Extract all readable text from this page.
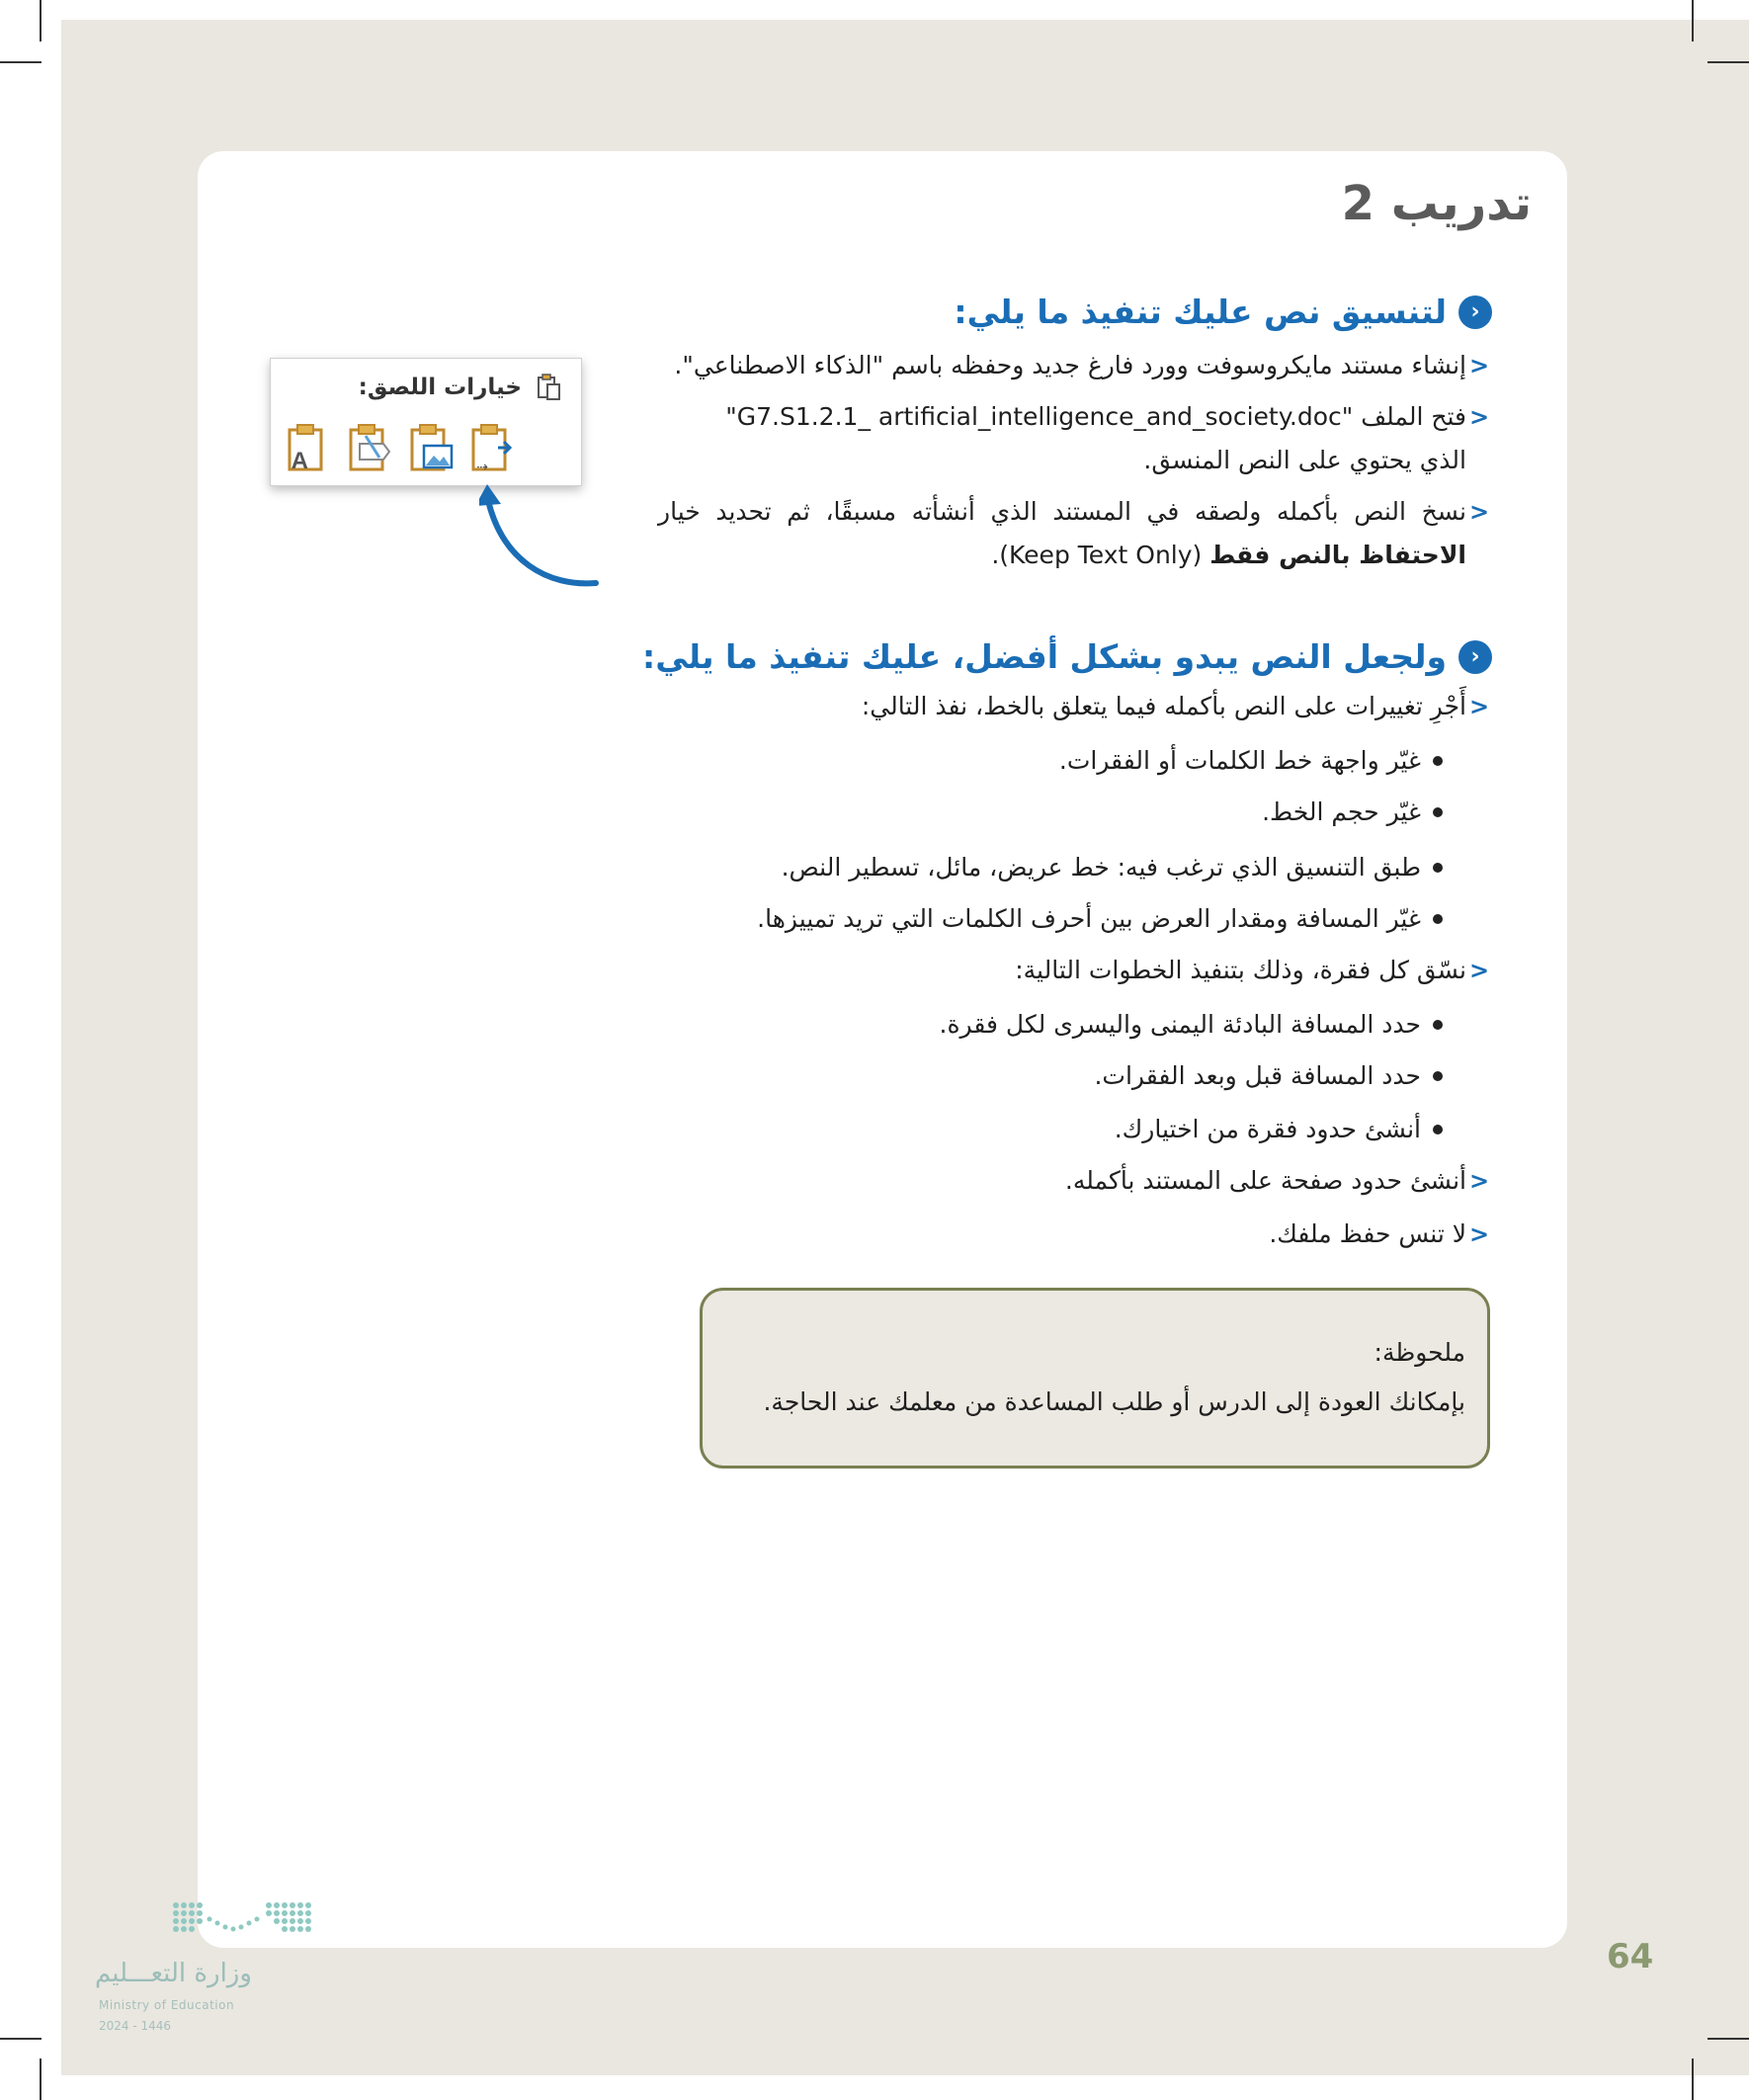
تدريب 2
‹
لتنسيق نص عليك تنفيذ ما يلي:
<
إنشاء مستند مايكروسوفت وورد فارغ جديد وحفظه باسم "الذكاء الاصطناعي".
<
فتح الملف "G7.S1.2.1_ artificial_intelligence_and_society.doc"
الذي يحتوي على النص المنسق.
<
نسخ النص بأكمله ولصقه في المستند الذي أنشأته مسبقًا، ثم تحديد خيار
الاحتفاظ بالنص فقط (Keep Text Only).
خيارات اللصق:
⇢
A
‹
ولجعل النص يبدو بشكل أفضل، عليك تنفيذ ما يلي:
<
أَجْرِ تغييرات على النص بأكمله فيما يتعلق بالخط، نفذ التالي:
غيّر واجهة خط الكلمات أو الفقرات.
غيّر حجم الخط.
طبق التنسيق الذي ترغب فيه: خط عريض، مائل، تسطير النص.
غيّر المسافة ومقدار العرض بين أحرف الكلمات التي تريد تمييزها.
<
نسّق كل فقرة، وذلك بتنفيذ الخطوات التالية:
حدد المسافة البادئة اليمنى واليسرى لكل فقرة.
حدد المسافة قبل وبعد الفقرات.
أنشئ حدود فقرة من اختيارك.
<
أنشئ حدود صفحة على المستند بأكمله.
<
لا تنس حفظ ملفك.
ملحوظة:
بإمكانك العودة إلى الدرس أو طلب المساعدة من معلمك عند الحاجة.
64
وزارة التعـــليم
Ministry of Education
2024 - 1446
